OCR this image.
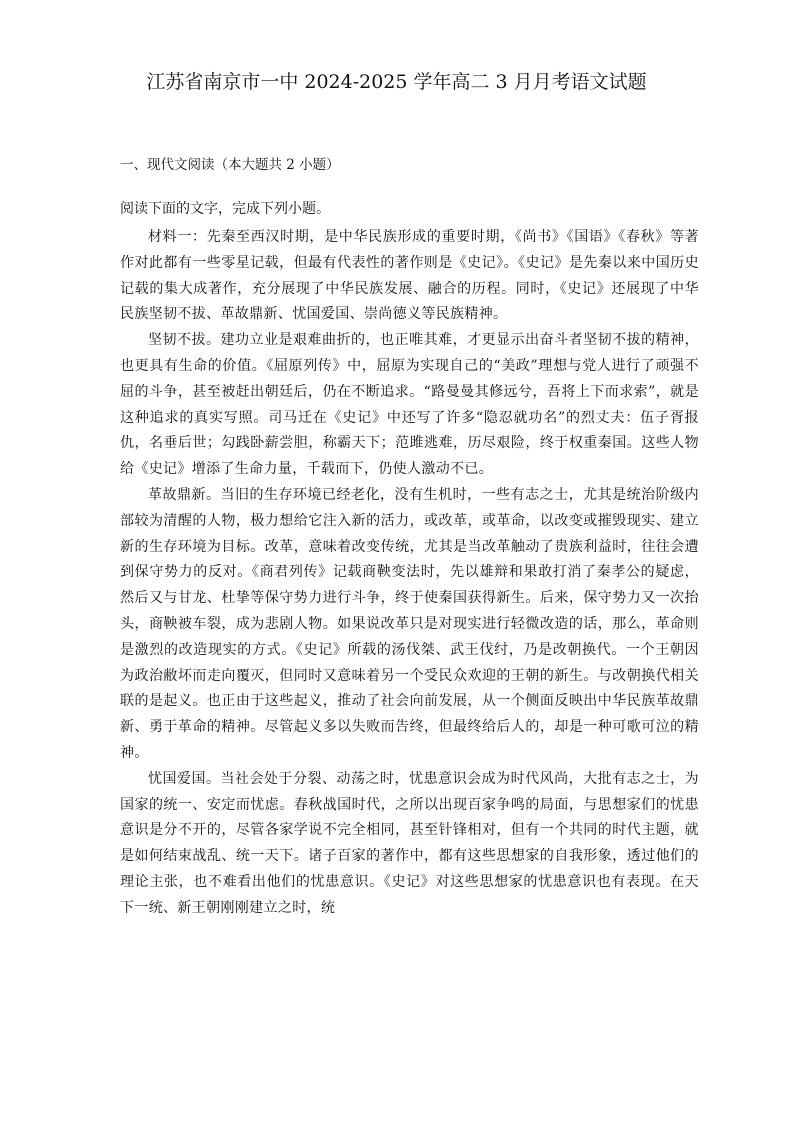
江苏省南京市一中 2024-2025 学年高二 3 月月考语文试题
一、现代文阅读（本大题共 2 小题）
阅读下面的文字，完成下列小题。

材料一：先秦至西汉时期，是中华民族形成的重要时期，《尚书》《国语》《春秋》等著作对此都有一些零星记载，但最有代表性的著作则是《史记》。《史记》是先秦以来中国历史记载的集大成著作，充分展现了中华民族发展、融合的历程。同时，《史记》还展现了中华民族坚韧不拔、革故鼎新、忧国爱国、崇尚德义等民族精神。

坚韧不拔。建功立业是艰难曲折的，也正唯其难，才更显示出奋斗者坚韧不拔的精神，也更具有生命的价值。《屈原列传》中，屈原为实现自己的“美政”理想与党人进行了顽强不屈的斗争，甚至被赶出朝廷后，仍在不断追求。“路曼曼其修远兮，吾将上下而求索”，就是这种追求的真实写照。司马迁在《史记》中还写了许多“隐忍就功名”的烈丈夫：伍子胥报仇，名垂后世；勾践卧薪尝胆，称霸天下；范雎逃难，历尽艰险，终于权重秦国。这些人物给《史记》增添了生命力量，千载而下，仍使人激动不已。

革故鼎新。当旧的生存环境已经老化，没有生机时，一些有志之士，尤其是统治阶级内部较为清醒的人物，极力想给它注入新的活力，或改革，或革命，以改变或摧毁现实、建立新的生存环境为目标。改革，意味着改变传统，尤其是当改革触动了贵族利益时，往往会遭到保守势力的反对。《商君列传》记载商鞅变法时，先以雄辩和果敢打消了秦孝公的疑虑，然后又与甘龙、杜挚等保守势力进行斗争，终于使秦国获得新生。后来，保守势力又一次抬头，商鞅被车裂，成为悲剧人物。如果说改革只是对现实进行轻微改造的话，那么，革命则是激烈的改造现实的方式。《史记》所载的汤伐桀、武王伐纣，乃是改朝换代。一个王朝因为政治敝坏而走向覆灭，但同时又意味着另一个受民众欢迎的王朝的新生。与改朝换代相关联的是起义。也正由于这些起义，推动了社会向前发展，从一个侧面反映出中华民族革故鼎新、勇于革命的精神。尽管起义多以失败而告终，但最终给后人的，却是一种可歌可泣的精神。

忧国爱国。当社会处于分裂、动荡之时，忧患意识会成为时代风尚，大批有志之士，为国家的统一、安定而忧虑。春秋战国时代，之所以出现百家争鸣的局面，与思想家们的忧患意识是分不开的，尽管各家学说不完全相同，甚至针锋相对，但有一个共同的时代主题，就是如何结束战乱、统一天下。诸子百家的著作中，都有这些思想家的自我形象，透过他们的理论主张，也不难看出他们的忧患意识。《史记》对这些思想家的忧患意识也有表现。在天下一统、新王朝刚刚建立之时，统
